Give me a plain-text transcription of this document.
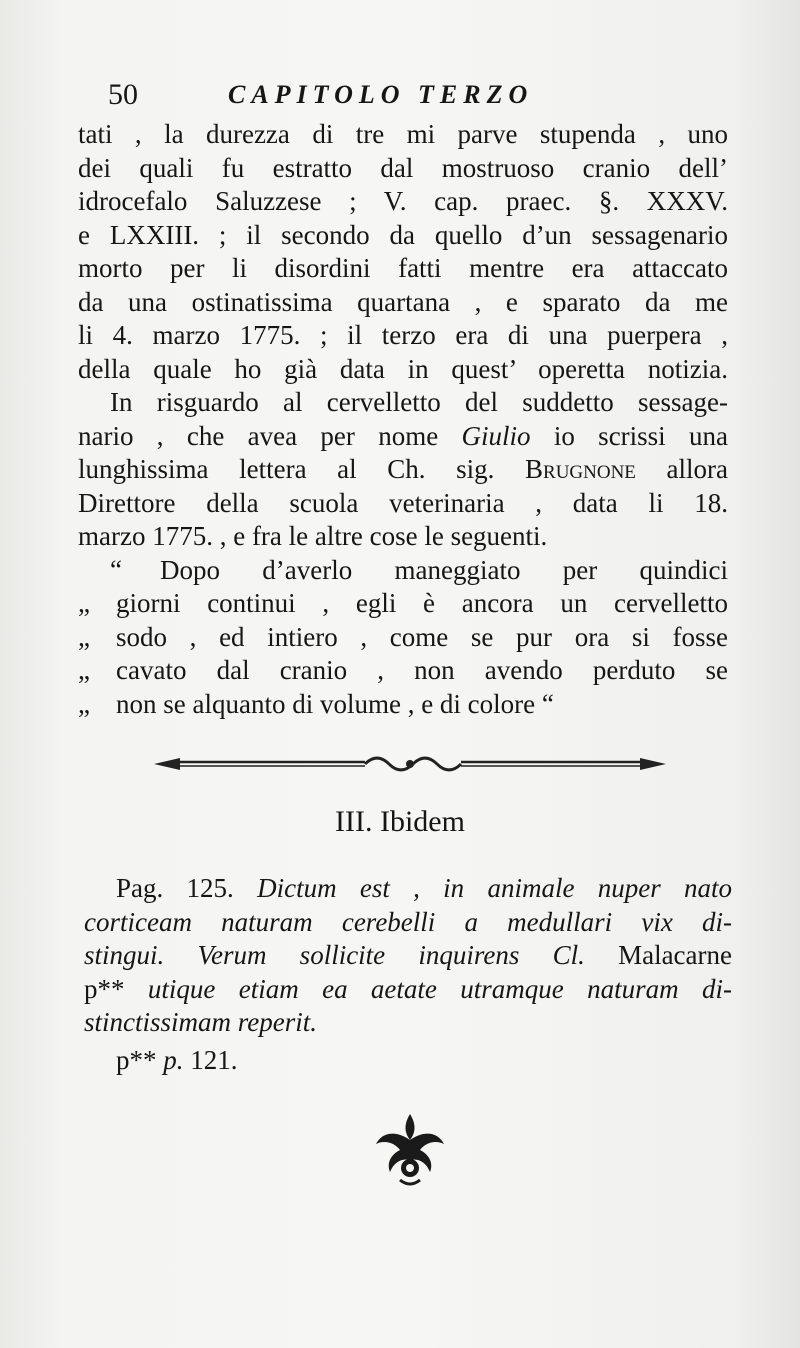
50	CAPITOLO TERZO
tati , la durezza di tre mi parve stupenda , uno
dei quali fu estratto dal mostruoso cranio dell’
idrocefalo Saluzzese ; V. cap. praec. §. XXXV.
e LXXIII. ; il secondo da quello d’un sessagenario
morto per li disordini fatti mentre era attaccato
da una ostinatissima quartana , e sparato da me
li 4. marzo 1775. ; il terzo era di una puerpera ,
della quale ho già data in quest’ operetta notizia.
In risguardo al cervelletto del suddetto sessage-
nario , che avea per nome Giulio io scrissi una
lunghissima lettera al Ch. sig. Brugnone allora
Direttore della scuola veterinaria , data li 18.
marzo 1775. , e fra le altre cose le seguenti.
“	Dopo d’averlo maneggiato per quindici
„ giorni continui , egli è ancora un cervelletto
„ sodo , ed intiero , come se pur ora si fosse
„ cavato dal cranio , non avendo perduto se
„ non se alquanto di volume , e di colore “
III. Ibidem
Pag. 125. Dictum est , in animale nuper nato
corticeam naturam cerebelli a medullari vix di-
stingui. Verum sollicite inquirens Cl. Malacarne
p** utique etiam ea aetate utramque naturam di-
stinctissimam reperit.
p** p. 121.
